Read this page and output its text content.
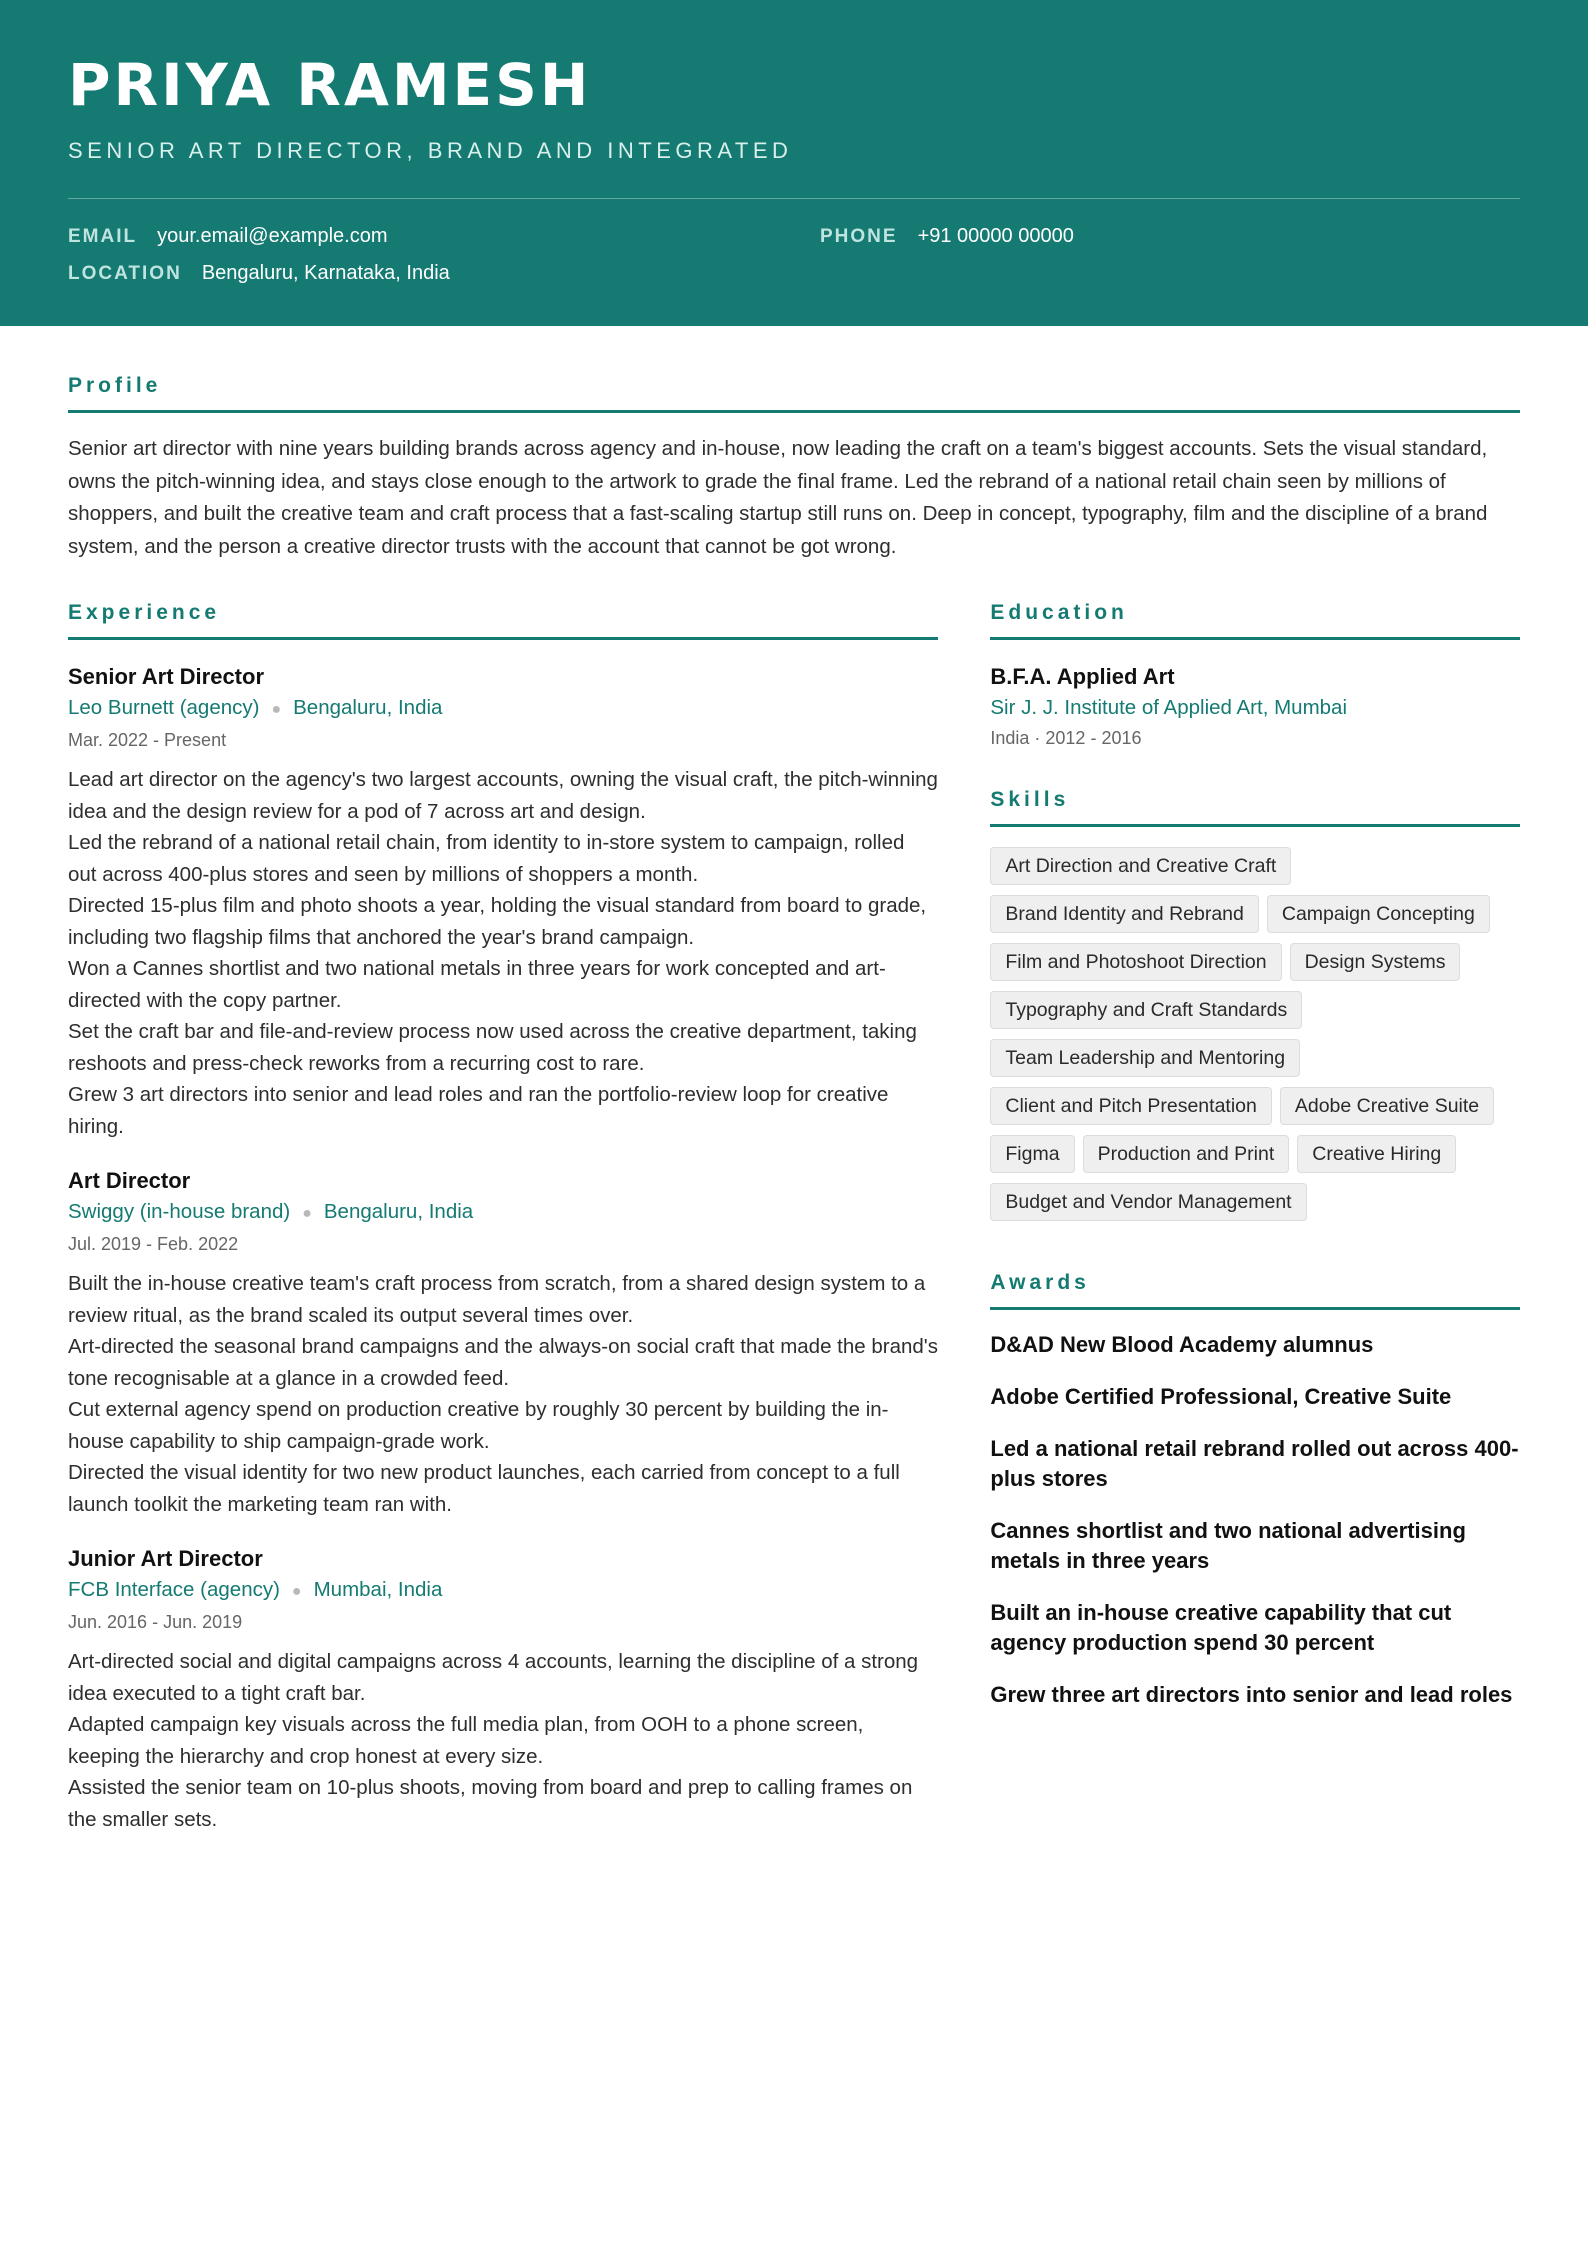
PRIYA RAMESH
SENIOR ART DIRECTOR, BRAND AND INTEGRATED
EMAIL your.email@example.com	PHONE +91 00000 00000
LOCATION Bengaluru, Karnataka, India
Profile

Senior art director with nine years building brands across agency and in-house, now leading the craft on a team's biggest accounts. Sets the visual standard, owns the pitch-winning idea, and stays close enough to the artwork to grade the final frame. Led the rebrand of a national retail chain seen by millions of shoppers, and built the creative team and craft process that a fast-scaling startup still runs on. Deep in concept, typography, film and the discipline of a brand system, and the person a creative director trusts with the account that cannot be got wrong.

Experience
Senior Art Director
Leo Burnett (agency) ● Bengaluru, India
Mar. 2022 - Present
Lead art director on the agency's two largest accounts, owning the visual craft, the pitch-winning idea and the design review for a pod of 7 across art and design.
Led the rebrand of a national retail chain, from identity to in-store system to campaign, rolled out across 400-plus stores and seen by millions of shoppers a month.
Directed 15-plus film and photo shoots a year, holding the visual standard from board to grade, including two flagship films that anchored the year's brand campaign.
Won a Cannes shortlist and two national metals in three years for work concepted and art-directed with the copy partner.
Set the craft bar and file-and-review process now used across the creative department, taking reshoots and press-check reworks from a recurring cost to rare.
Grew 3 art directors into senior and lead roles and ran the portfolio-review loop for creative hiring.
Art Director
Swiggy (in-house brand) ● Bengaluru, India
Jul. 2019 - Feb. 2022
Built the in-house creative team's craft process from scratch, from a shared design system to a review ritual, as the brand scaled its output several times over.
Art-directed the seasonal brand campaigns and the always-on social craft that made the brand's tone recognisable at a glance in a crowded feed.
Cut external agency spend on production creative by roughly 30 percent by building the in-house capability to ship campaign-grade work.
Directed the visual identity for two new product launches, each carried from concept to a full launch toolkit the marketing team ran with.
Junior Art Director
FCB Interface (agency) ● Mumbai, India
Jun. 2016 - Jun. 2019
Art-directed social and digital campaigns across 4 accounts, learning the discipline of a strong idea executed to a tight craft bar.
Adapted campaign key visuals across the full media plan, from OOH to a phone screen, keeping the hierarchy and crop honest at every size.
Assisted the senior team on 10-plus shoots, moving from board and prep to calling frames on the smaller sets.
Education
B.F.A. Applied Art
Sir J. J. Institute of Applied Art, Mumbai
India · 2012 - 2016
Skills
Art Direction and Creative Craft
Brand Identity and Rebrand	Campaign Concepting
Film and Photoshoot Direction	Design Systems
Typography and Craft Standards
Team Leadership and Mentoring
Client and Pitch Presentation	Adobe Creative Suite
Figma	Production and Print	Creative Hiring
Budget and Vendor Management
Awards
D&AD New Blood Academy alumnus
Adobe Certified Professional, Creative Suite
Led a national retail rebrand rolled out across 400-plus stores
Cannes shortlist and two national advertising metals in three years
Built an in-house creative capability that cut agency production spend 30 percent
Grew three art directors into senior and lead roles
